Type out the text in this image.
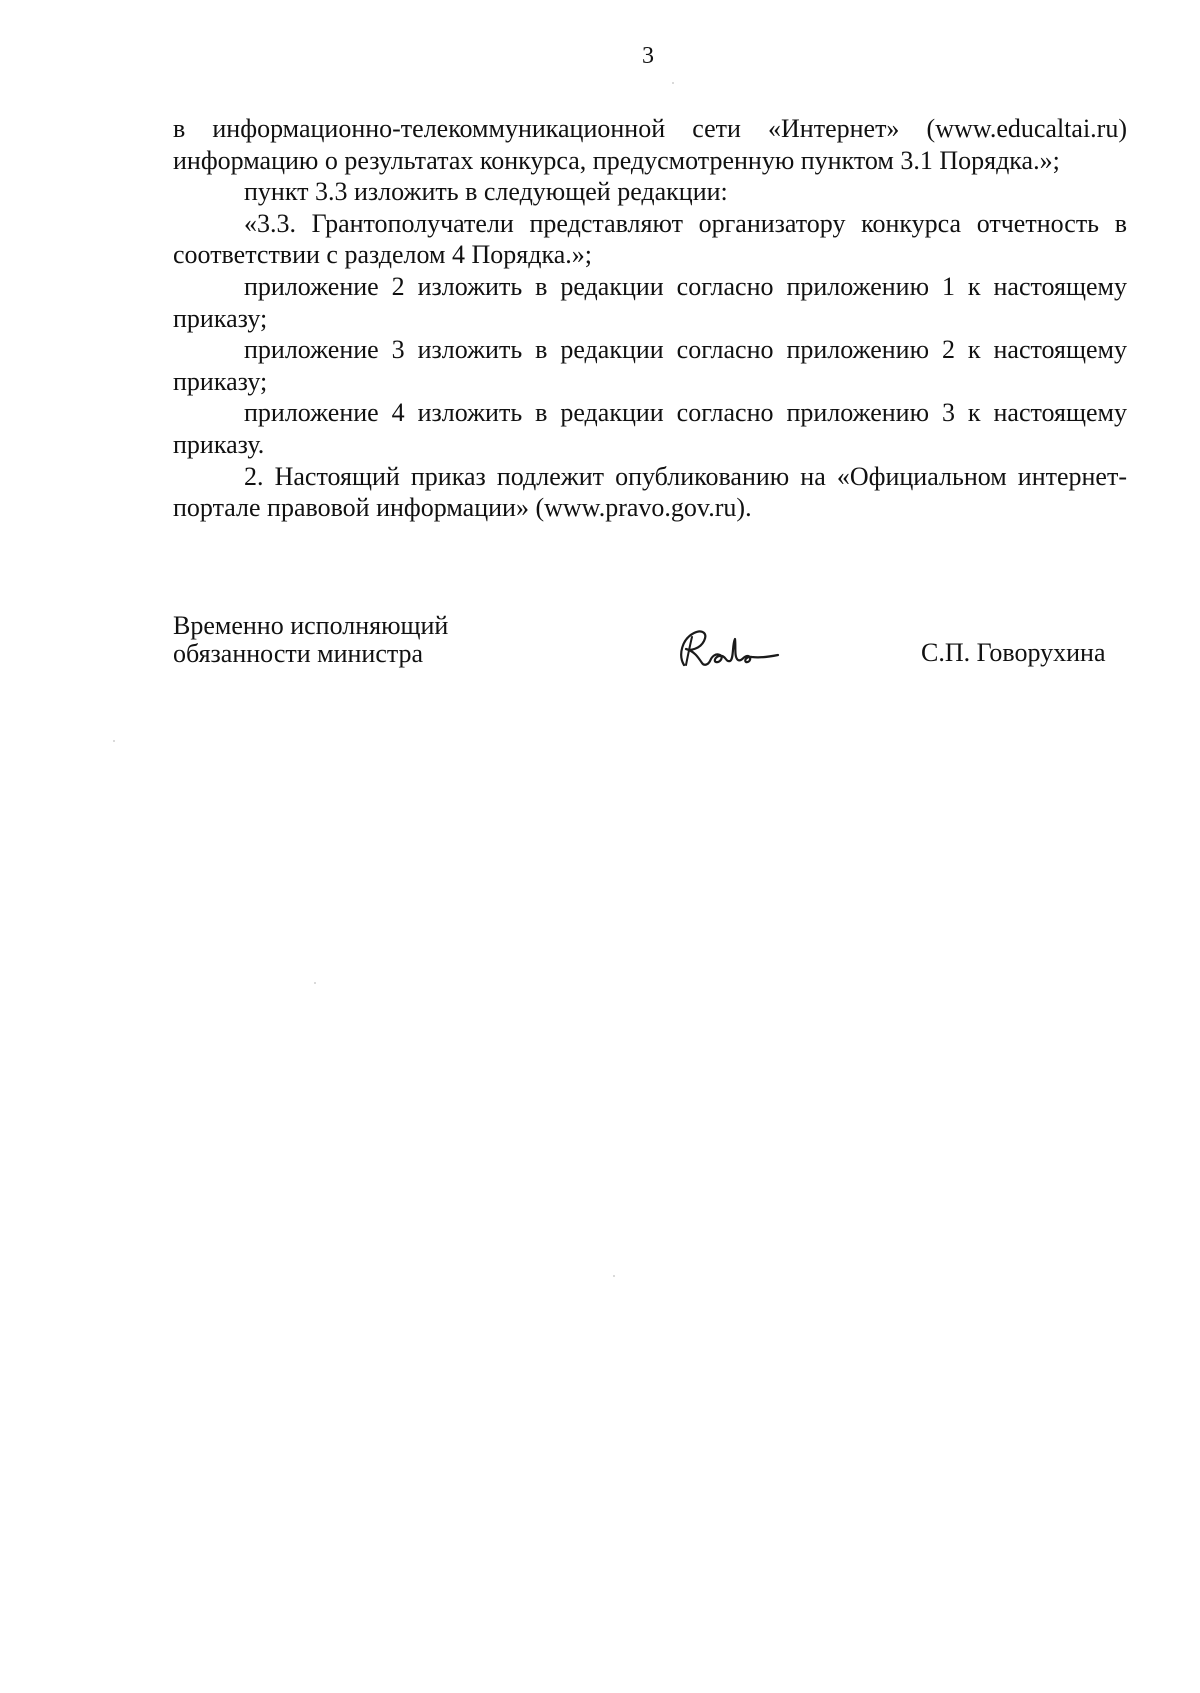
3

в информационно-телекоммуникационной сети «Интернет» (www.educaltai.ru) информацию о результатах конкурса, предусмотренную пунктом 3.1 Порядка.»;

пункт 3.3 изложить в следующей редакции:

«3.3. Грантополучатели представляют организатору конкурса отчетность в соответствии с разделом 4 Порядка.»;

приложение 2 изложить в редакции согласно приложению 1 к настоящему приказу;

приложение 3 изложить в редакции согласно приложению 2 к настоящему приказу;

приложение 4 изложить в редакции согласно приложению 3 к настоящему приказу.

2. Настоящий приказ подлежит опубликованию на «Официальном интернет-портале правовой информации» (www.pravo.gov.ru).

Временно исполняющий
обязанности министра	С.П. Говорухина
